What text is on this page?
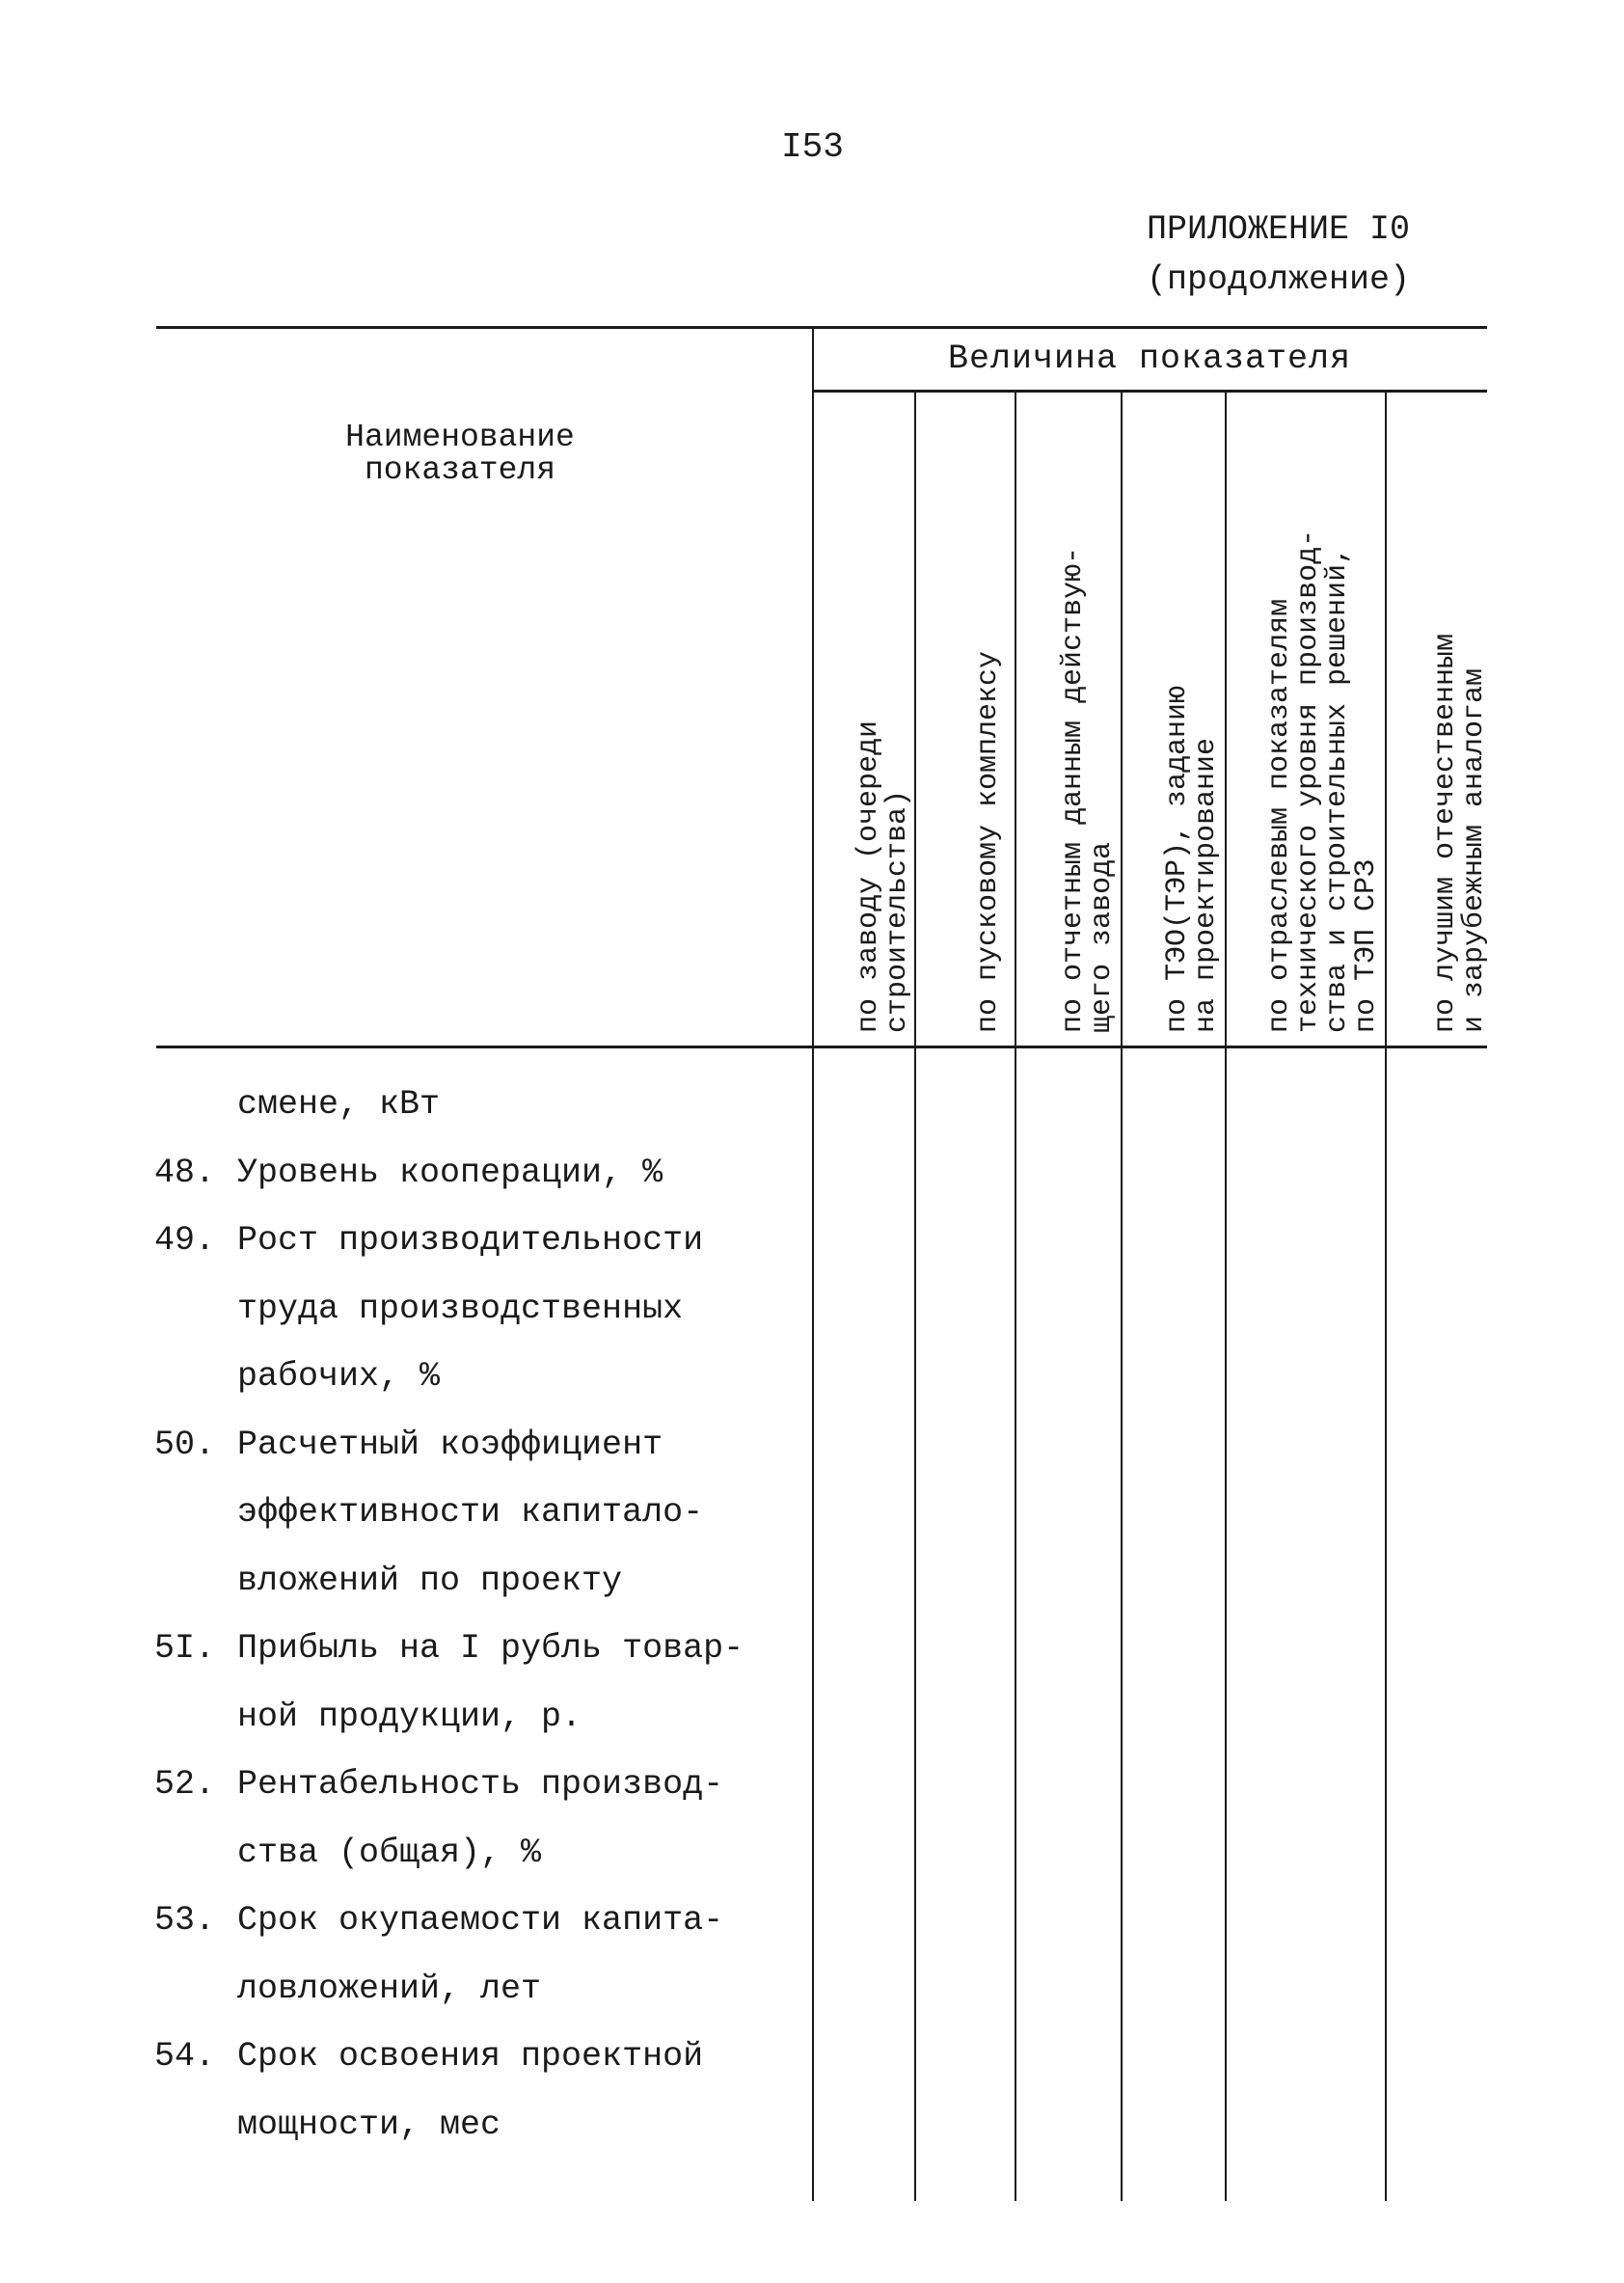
I53
ПРИЛОЖЕНИЕ I0
(продолжение)
Величина показателя
Наименование
показателя
по заводу (очереди
строительства) по пусковому комплексу по отчетным данным действую-
щего завода по ТЭО(ТЭР), заданию
на проектирование по отраслевым показателям
технического уровня производ-
ства и строительных решений,
по ТЭП СРЗ по лучшим отечественным
и зарубежным аналогам
смене, кВт
48. Уровень кооперации, %
49. Рост производительности
труда производственных
рабочих, %
50. Расчетный коэффициент
эффективности капитало-
вложений по проекту
5I. Прибыль на I рубль товар-
ной продукции, р.
52. Рентабельность производ-
ства (общая), %
53. Срок окупаемости капита-
ловложений, лет
54. Срок освоения проектной
мощности, мес
